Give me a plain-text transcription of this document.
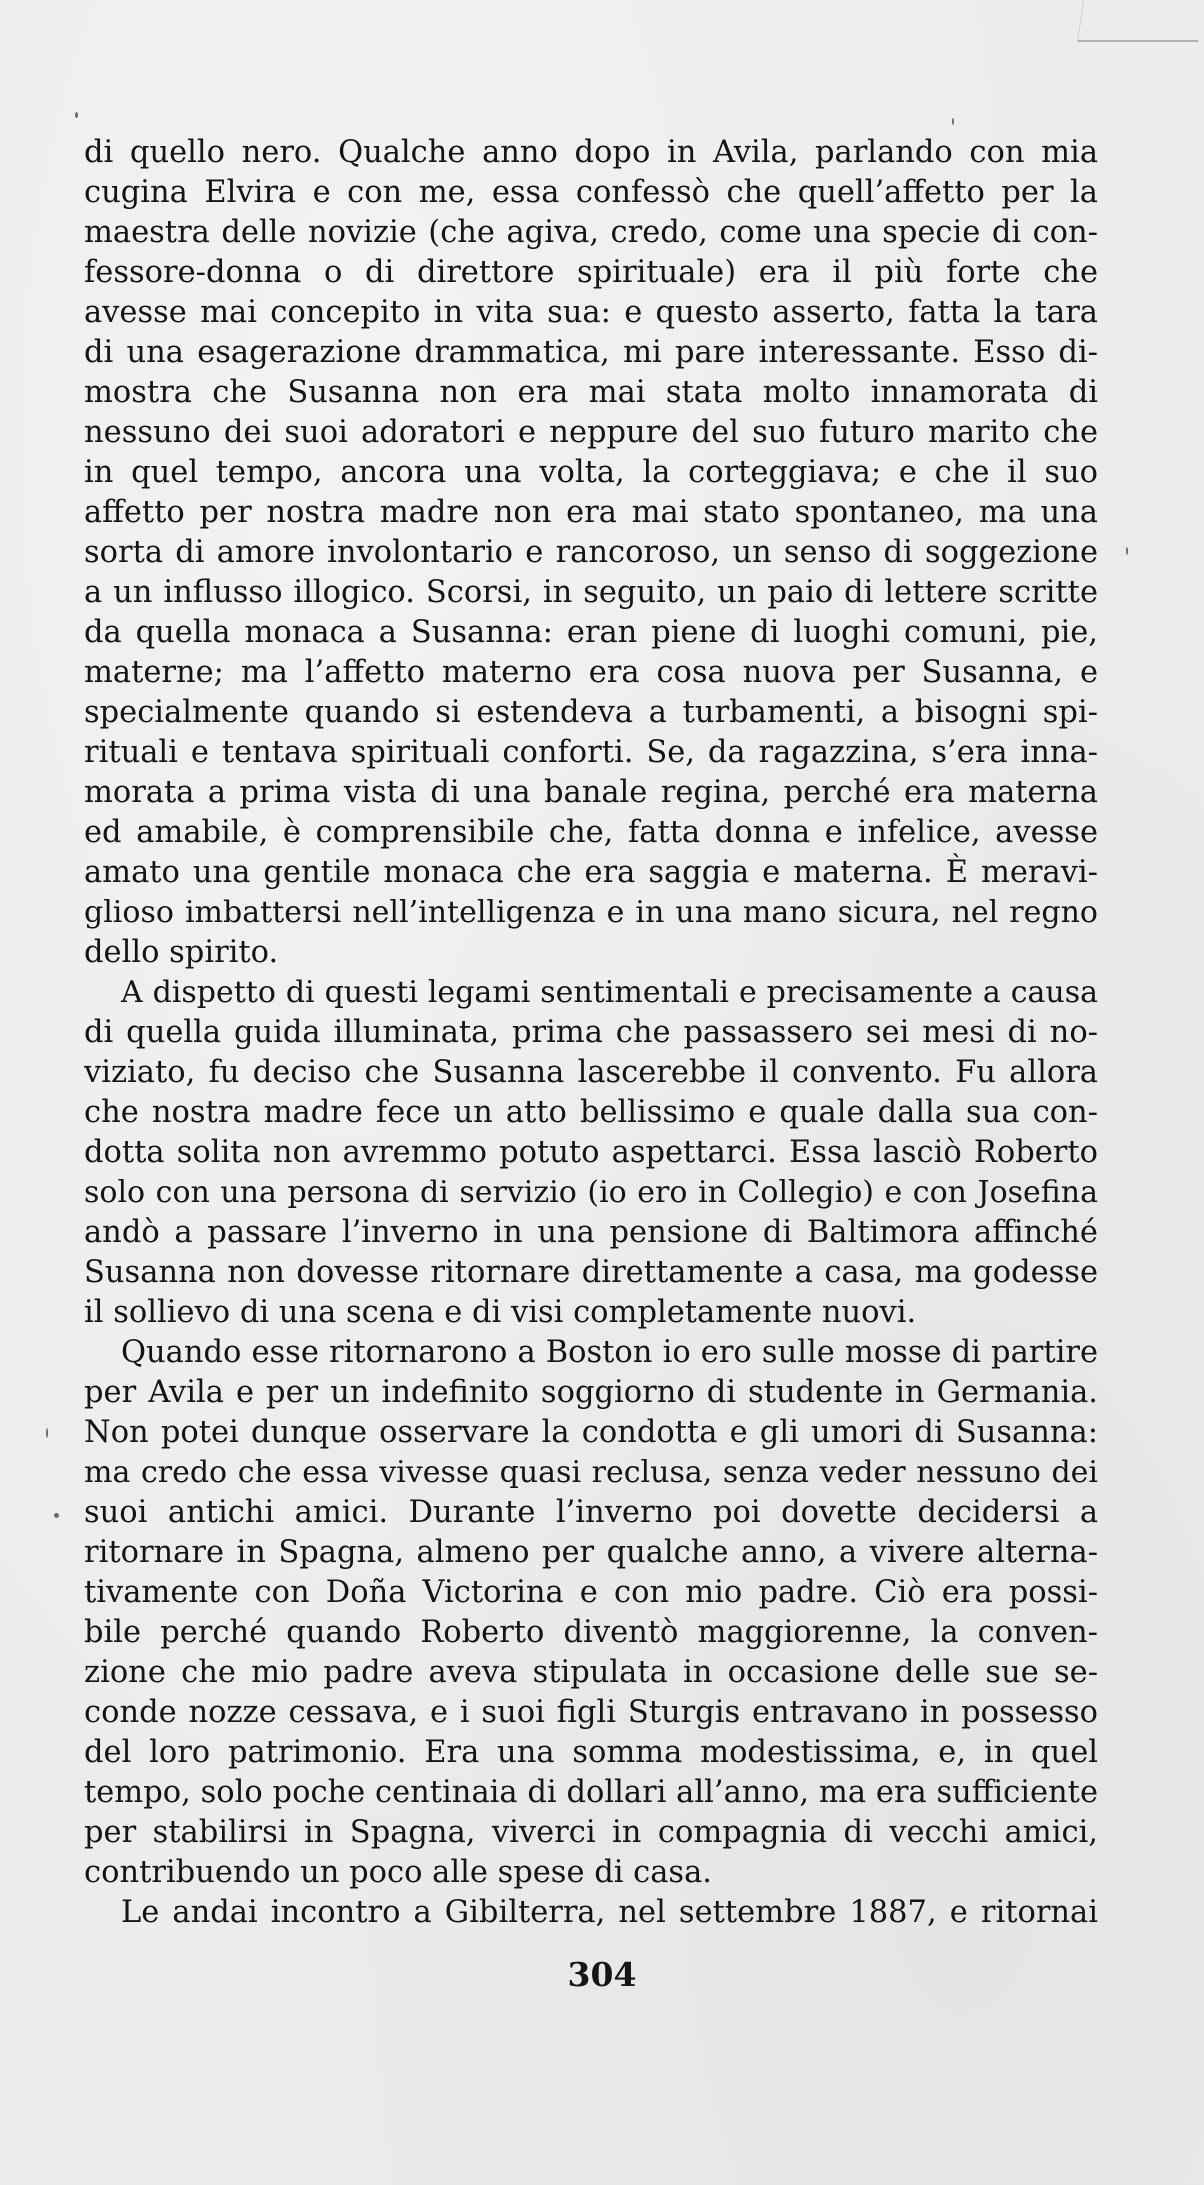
di quello nero. Qualche anno dopo in Avila, parlando con mia
cugina Elvira e con me, essa confessò che quell’affetto per la
maestra delle novizie (che agiva, credo, come una specie di con-
fessore-donna o di direttore spirituale) era il più forte che
avesse mai concepito in vita sua: e questo asserto, fatta la tara
di una esagerazione drammatica, mi pare interessante. Esso di-
mostra che Susanna non era mai stata molto innamorata di
nessuno dei suoi adoratori e neppure del suo futuro marito che
in quel tempo, ancora una volta, la corteggiava; e che il suo
affetto per nostra madre non era mai stato spontaneo, ma una
sorta di amore involontario e rancoroso, un senso di soggezione
a un influsso illogico. Scorsi, in seguito, un paio di lettere scritte
da quella monaca a Susanna: eran piene di luoghi comuni, pie,
materne; ma l’affetto materno era cosa nuova per Susanna, e
specialmente quando si estendeva a turbamenti, a bisogni spi-
rituali e tentava spirituali conforti. Se, da ragazzina, s’era inna-
morata a prima vista di una banale regina, perché era materna
ed amabile, è comprensibile che, fatta donna e infelice, avesse
amato una gentile monaca che era saggia e materna. È meravi-
glioso imbattersi nell’intelligenza e in una mano sicura, nel regno
dello spirito.
A dispetto di questi legami sentimentali e precisamente a causa
di quella guida illuminata, prima che passassero sei mesi di no-
viziato, fu deciso che Susanna lascerebbe il convento. Fu allora
che nostra madre fece un atto bellissimo e quale dalla sua con-
dotta solita non avremmo potuto aspettarci. Essa lasciò Roberto
solo con una persona di servizio (io ero in Collegio) e con Josefina
andò a passare l’inverno in una pensione di Baltimora affinché
Susanna non dovesse ritornare direttamente a casa, ma godesse
il sollievo di una scena e di visi completamente nuovi.
Quando esse ritornarono a Boston io ero sulle mosse di partire
per Avila e per un indefinito soggiorno di studente in Germania.
Non potei dunque osservare la condotta e gli umori di Susanna:
ma credo che essa vivesse quasi reclusa, senza veder nessuno dei
suoi antichi amici. Durante l’inverno poi dovette decidersi a
ritornare in Spagna, almeno per qualche anno, a vivere alterna-
tivamente con Doña Victorina e con mio padre. Ciò era possi-
bile perché quando Roberto diventò maggiorenne, la conven-
zione che mio padre aveva stipulata in occasione delle sue se-
conde nozze cessava, e i suoi figli Sturgis entravano in possesso
del loro patrimonio. Era una somma modestissima, e, in quel
tempo, solo poche centinaia di dollari all’anno, ma era sufficiente
per stabilirsi in Spagna, viverci in compagnia di vecchi amici,
contribuendo un poco alle spese di casa.
Le andai incontro a Gibilterra, nel settembre 1887, e ritornai
304
